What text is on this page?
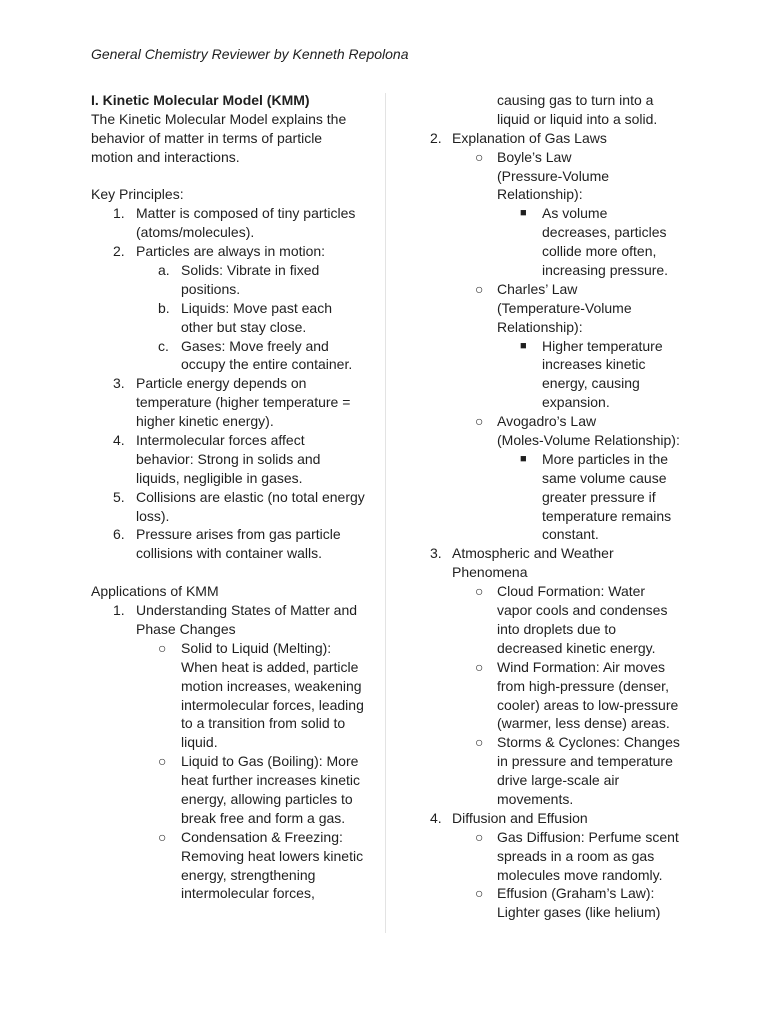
General Chemistry Reviewer by Kenneth Repolona
I. Kinetic Molecular Model (KMM)
The Kinetic Molecular Model explains the
behavior of matter in terms of particle
motion and interactions.
Key Principles:
1. Matter is composed of tiny particles
(atoms/molecules).
2. Particles are always in motion:
a. Solids: Vibrate in fixed
positions.
b. Liquids: Move past each
other but stay close.
c. Gases: Move freely and
occupy the entire container.
3. Particle energy depends on
temperature (higher temperature =
higher kinetic energy).
4. Intermolecular forces affect
behavior: Strong in solids and
liquids, negligible in gases.
5. Collisions are elastic (no total energy
loss).
6. Pressure arises from gas particle
collisions with container walls.
Applications of KMM
1. Understanding States of Matter and
Phase Changes
○ Solid to Liquid (Melting):
When heat is added, particle
motion increases, weakening
intermolecular forces, leading
to a transition from solid to
liquid.
○ Liquid to Gas (Boiling): More
heat further increases kinetic
energy, allowing particles to
break free and form a gas.
○ Condensation & Freezing:
Removing heat lowers kinetic
energy, strengthening
intermolecular forces,
causing gas to turn into a
liquid or liquid into a solid.
2. Explanation of Gas Laws
○ Boyle’s Law
(Pressure-Volume
Relationship):
■ As volume
decreases, particles
collide more often,
increasing pressure.
○ Charles’ Law
(Temperature-Volume
Relationship):
■ Higher temperature
increases kinetic
energy, causing
expansion.
○ Avogadro’s Law
(Moles-Volume Relationship):
■ More particles in the
same volume cause
greater pressure if
temperature remains
constant.
3. Atmospheric and Weather
Phenomena
○ Cloud Formation: Water
vapor cools and condenses
into droplets due to
decreased kinetic energy.
○ Wind Formation: Air moves
from high-pressure (denser,
cooler) areas to low-pressure
(warmer, less dense) areas.
○ Storms & Cyclones: Changes
in pressure and temperature
drive large-scale air
movements.
4. Diffusion and Effusion
○ Gas Diffusion: Perfume scent
spreads in a room as gas
molecules move randomly.
○ Effusion (Graham’s Law):
Lighter gases (like helium)
